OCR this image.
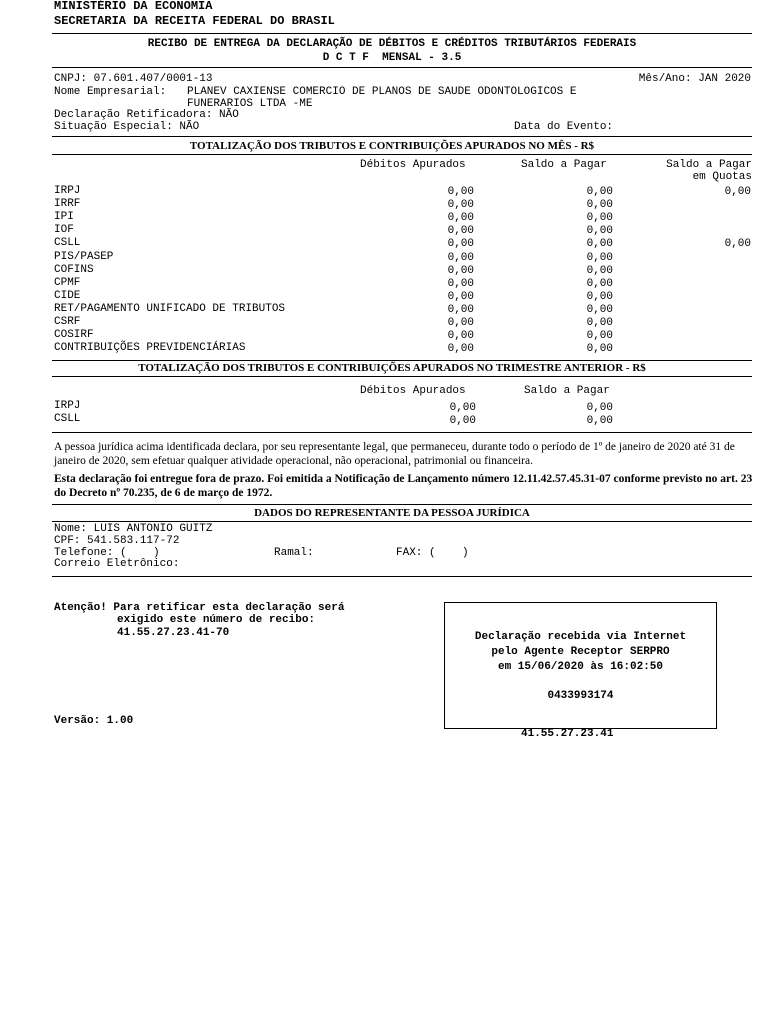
MINISTÉRIO DA ECONOMIA
SECRETARIA DA RECEITA FEDERAL DO BRASIL
RECIBO DE ENTREGA DA DECLARAÇÃO DE DÉBITOS E CRÉDITOS TRIBUTÁRIOS FEDERAIS
D C T F  MENSAL - 3.5
CNPJ: 07.601.407/0001-13	Mês/Ano: JAN 2020
Nome Empresarial: PLANEV CAXIENSE COMERCIO DE PLANOS DE SAUDE ODONTOLOGICOS E
FUNERARIOS LTDA -ME
Declaração Retificadora: NÃO
Situação Especial: NÃO	Data do Evento:
TOTALIZAÇÃO DOS TRIBUTOS E CONTRIBUIÇÕES APURADOS NO MÊS - R$
Débitos Apurados	Saldo a Pagar	Saldo a Pagar
em Quotas
IRPJ	0,00	0,00	0,00
IRRF	0,00	0,00
IPI	0,00	0,00
IOF	0,00	0,00
CSLL	0,00	0,00	0,00
PIS/PASEP	0,00	0,00
COFINS	0,00	0,00
CPMF	0,00	0,00
CIDE	0,00	0,00
RET/PAGAMENTO UNIFICADO DE TRIBUTOS	0,00	0,00
CSRF	0,00	0,00
COSIRF	0,00	0,00
CONTRIBUIÇÕES PREVIDENCIÁRIAS	0,00	0,00
TOTALIZAÇÃO DOS TRIBUTOS E CONTRIBUIÇÕES APURADOS NO TRIMESTRE ANTERIOR - R$
Débitos Apurados	Saldo a Pagar
IRPJ	0,00	0,00
CSLL	0,00	0,00
A pessoa jurídica acima identificada declara, por seu representante legal, que permaneceu, durante todo o período de 1º de janeiro de 2020 até 31 de janeiro de 2020, sem efetuar qualquer atividade operacional, não operacional, patrimonial ou financeira.
Esta declaração foi entregue fora de prazo. Foi emitida a Notificação de Lançamento número 12.11.42.57.45.31-07 conforme previsto no art. 23 do Decreto nº 70.235, de 6 de março de 1972.
DADOS DO REPRESENTANTE DA PESSOA JURÍDICA
Nome: LUIS ANTONIO GUITZ
CPF: 541.583.117-72
Telefone: (    )	Ramal:	FAX: (    )
Correio Eletrônico:
Atenção! Para retificar esta declaração será
exigido este número de recibo:
41.55.27.23.41-70
Versão: 1.00
Declaração recebida via Internet
pelo Agente Receptor SERPRO
em 15/06/2020 às 16:02:50
0433993174
41.55.27.23.41
